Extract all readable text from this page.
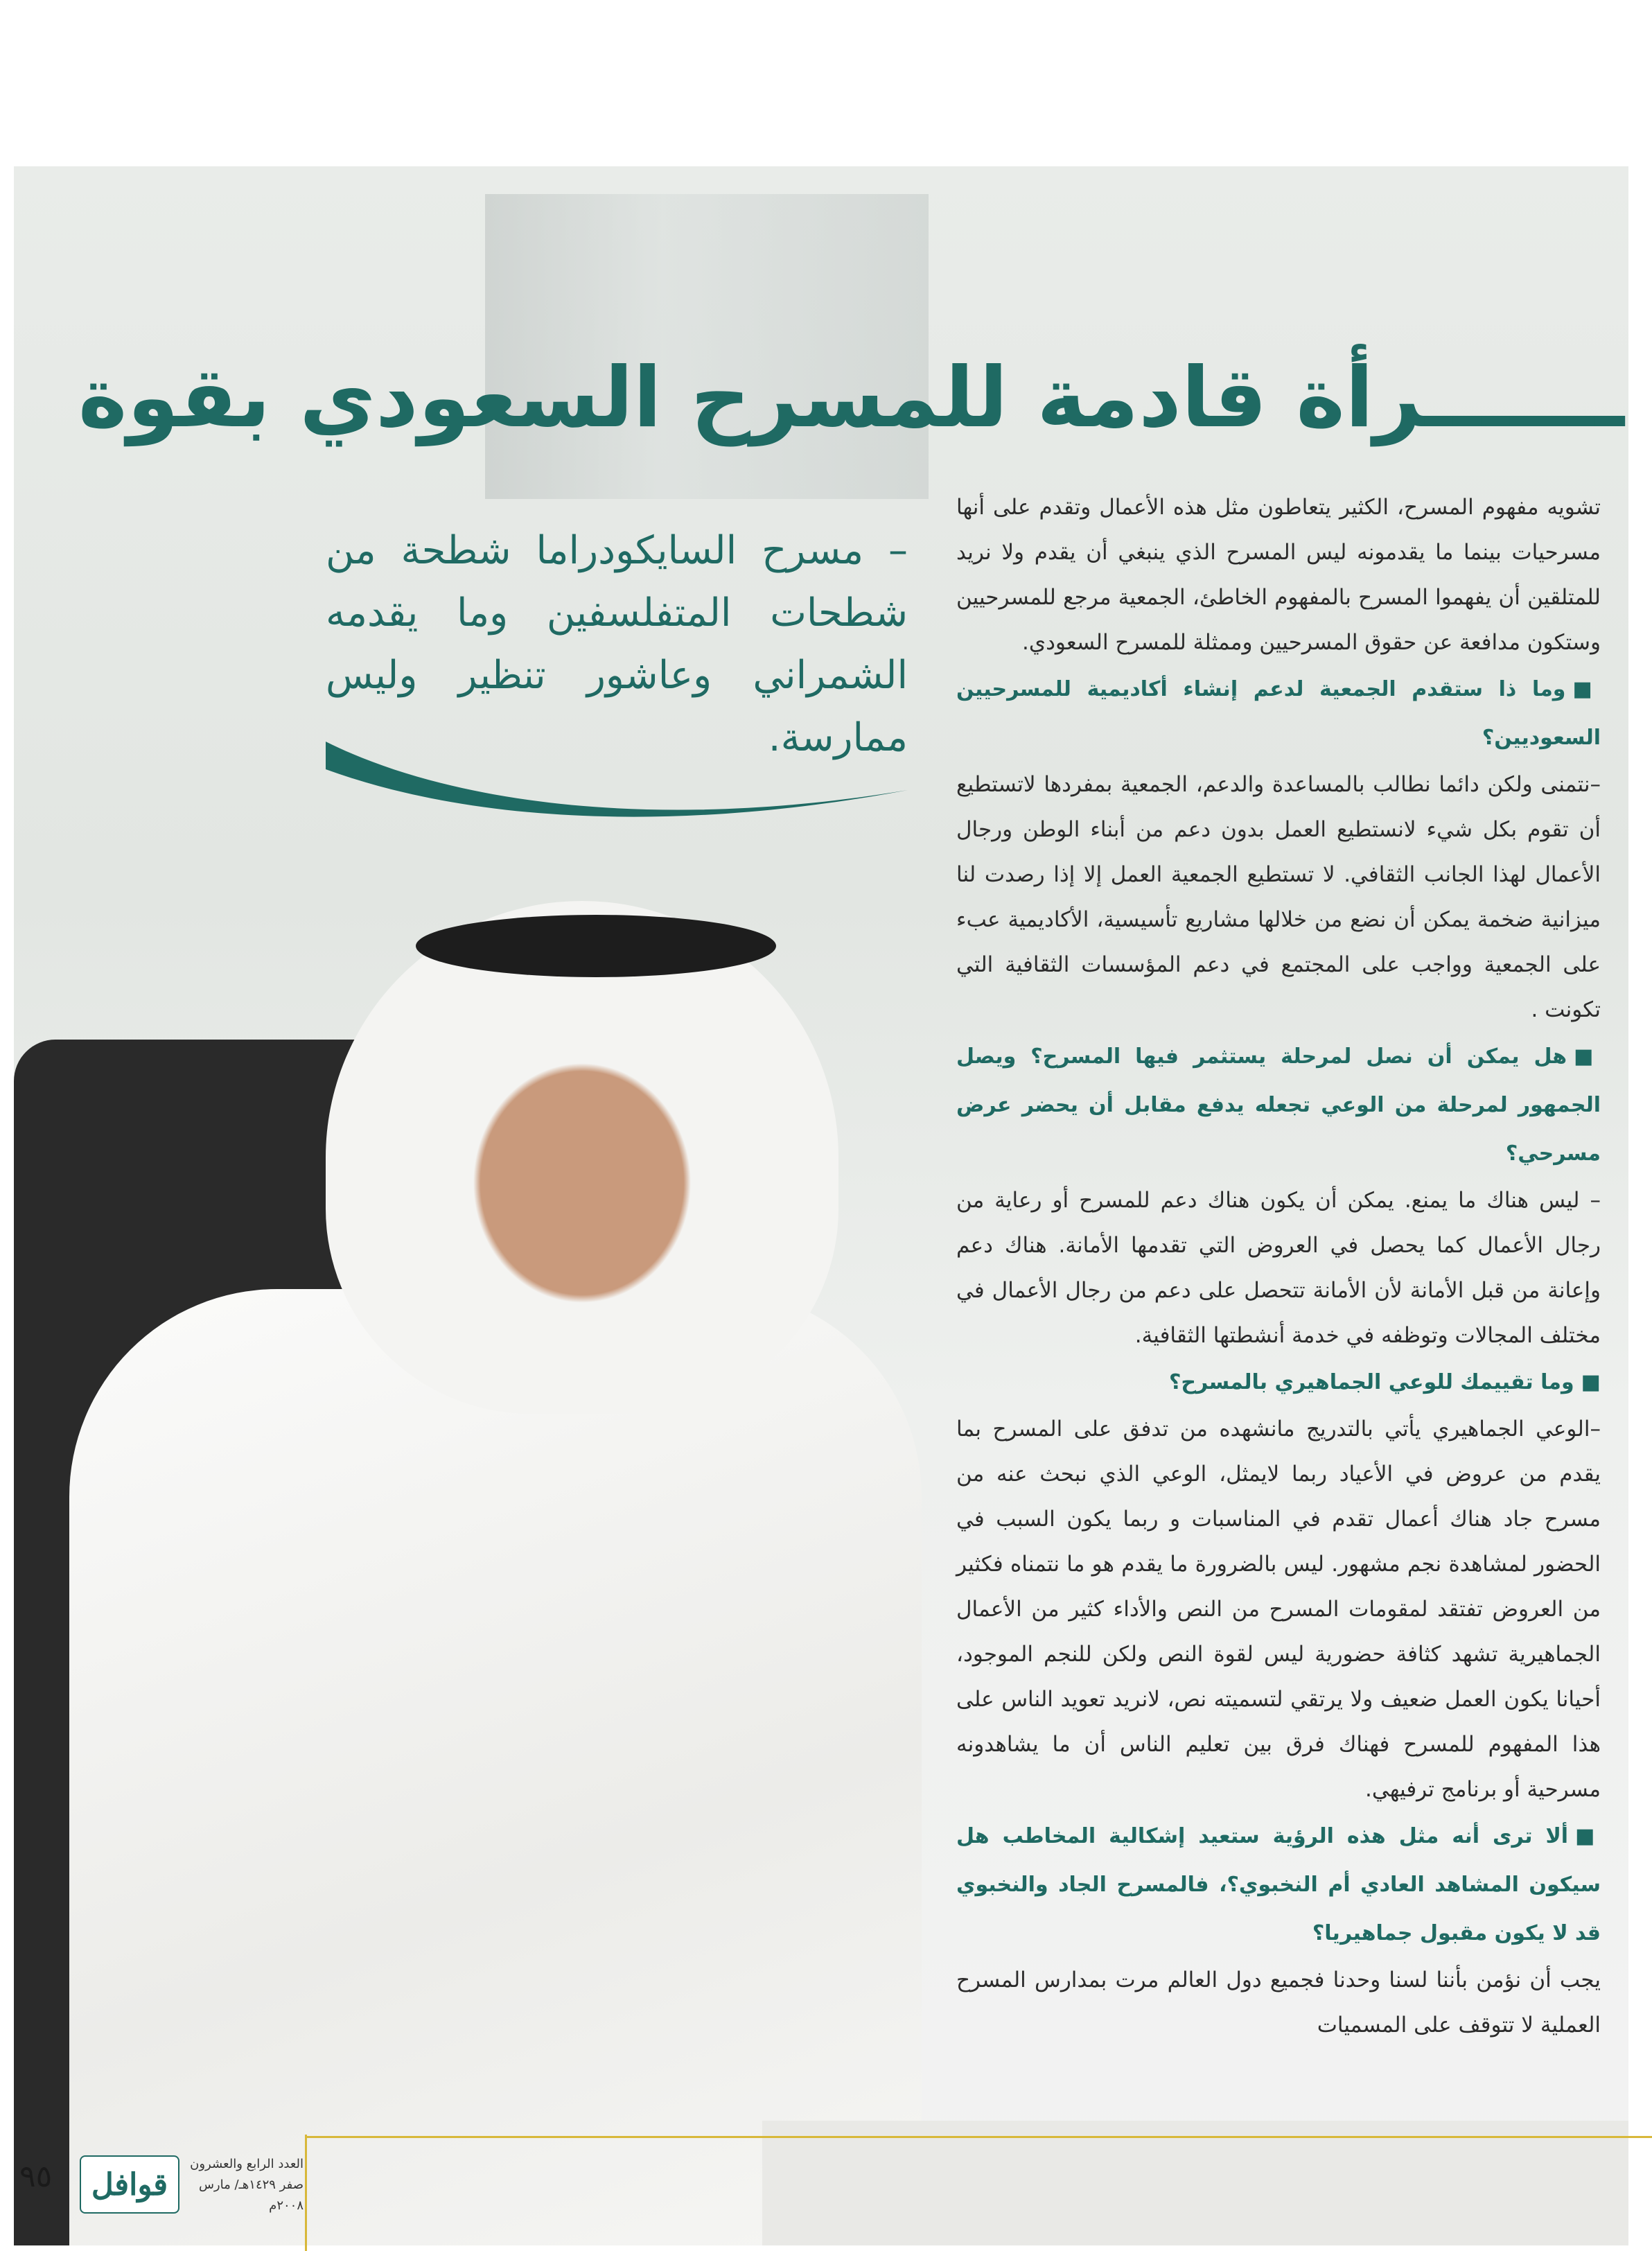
ـــــــرأة قادمة للمسرح السعودي بقوة
– مسرح السايكودراما شطحة من شطحات المتفلسفين وما يقدمه الشمراني وعاشور تنظير وليس ممارسة.

تشويه مفهوم المسرح، الكثير يتعاطون مثل هذه الأعمال وتقدم على أنها مسرحيات بينما ما يقدمونه ليس المسرح الذي ينبغي أن يقدم ولا نريد للمتلقين أن يفهموا المسرح بالمفهوم الخاطئ، الجمعية مرجع للمسرحيين وستكون مدافعة عن حقوق المسرحيين وممثلة للمسرح السعودي.

■وما ذا ستقدم الجمعية لدعم إنشاء أكاديمية للمسرحيين السعوديين؟

–نتمنى ولكن دائما نطالب بالمساعدة والدعم، الجمعية بمفردها لاتستطيع أن تقوم بكل شيء لانستطيع العمل بدون دعم من أبناء الوطن ورجال الأعمال لهذا الجانب الثقافي. لا تستطيع الجمعية العمل إلا إذا رصدت لنا ميزانية ضخمة يمكن أن نضع من خلالها مشاريع تأسيسية، الأكاديمية عبء على الجمعية وواجب على المجتمع في دعم المؤسسات الثقافية التي تكونت .

■هل يمكن أن نصل لمرحلة يستثمر فيها المسرح؟ ويصل الجمهور لمرحلة من الوعي تجعله يدفع مقابل أن يحضر عرض مسرحي؟

– ليس هناك ما يمنع. يمكن أن يكون هناك دعم للمسرح أو رعاية من رجال الأعمال كما يحصل في العروض التي تقدمها الأمانة. هناك دعم وإعانة من قبل الأمانة لأن الأمانة تتحصل على دعم من رجال الأعمال في مختلف المجالات وتوظفه في خدمة أنشطتها الثقافية.

■وما تقييمك للوعي الجماهيري بالمسرح؟

–الوعي الجماهيري يأتي بالتدريج مانشهده من تدفق على المسرح بما يقدم من عروض في الأعياد ربما لايمثل، الوعي الذي نبحث عنه من مسرح جاد هناك أعمال تقدم في المناسبات و ربما يكون السبب في الحضور لمشاهدة نجم مشهور. ليس بالضرورة ما يقدم هو ما نتمناه فكثير من العروض تفتقد لمقومات المسرح من النص والأداء كثير من الأعمال الجماهيرية تشهد كثافة حضورية ليس لقوة النص ولكن للنجم الموجود، أحيانا يكون العمل ضعيف ولا يرتقي لتسميته نص، لانريد تعويد الناس على هذا المفهوم للمسرح فهناك فرق بين تعليم الناس أن ما يشاهدونه مسرحية أو برنامج ترفيهي.

■ألا ترى أنه مثل هذه الرؤية ستعيد إشكالية المخاطب هل سيكون المشاهد العادي أم النخبوي؟، فالمسرح الجاد والنخبوي قد لا يكون مقبول جماهيريا؟

يجب أن نؤمن بأننا لسنا وحدنا فجميع دول العالم مرت بمدارس المسرح العملية لا تتوقف على المسميات

٩٥ قوافل
العدد الرابع والعشرون
صفر ١٤٢٩هـ/ مارس ٢٠٠٨م
